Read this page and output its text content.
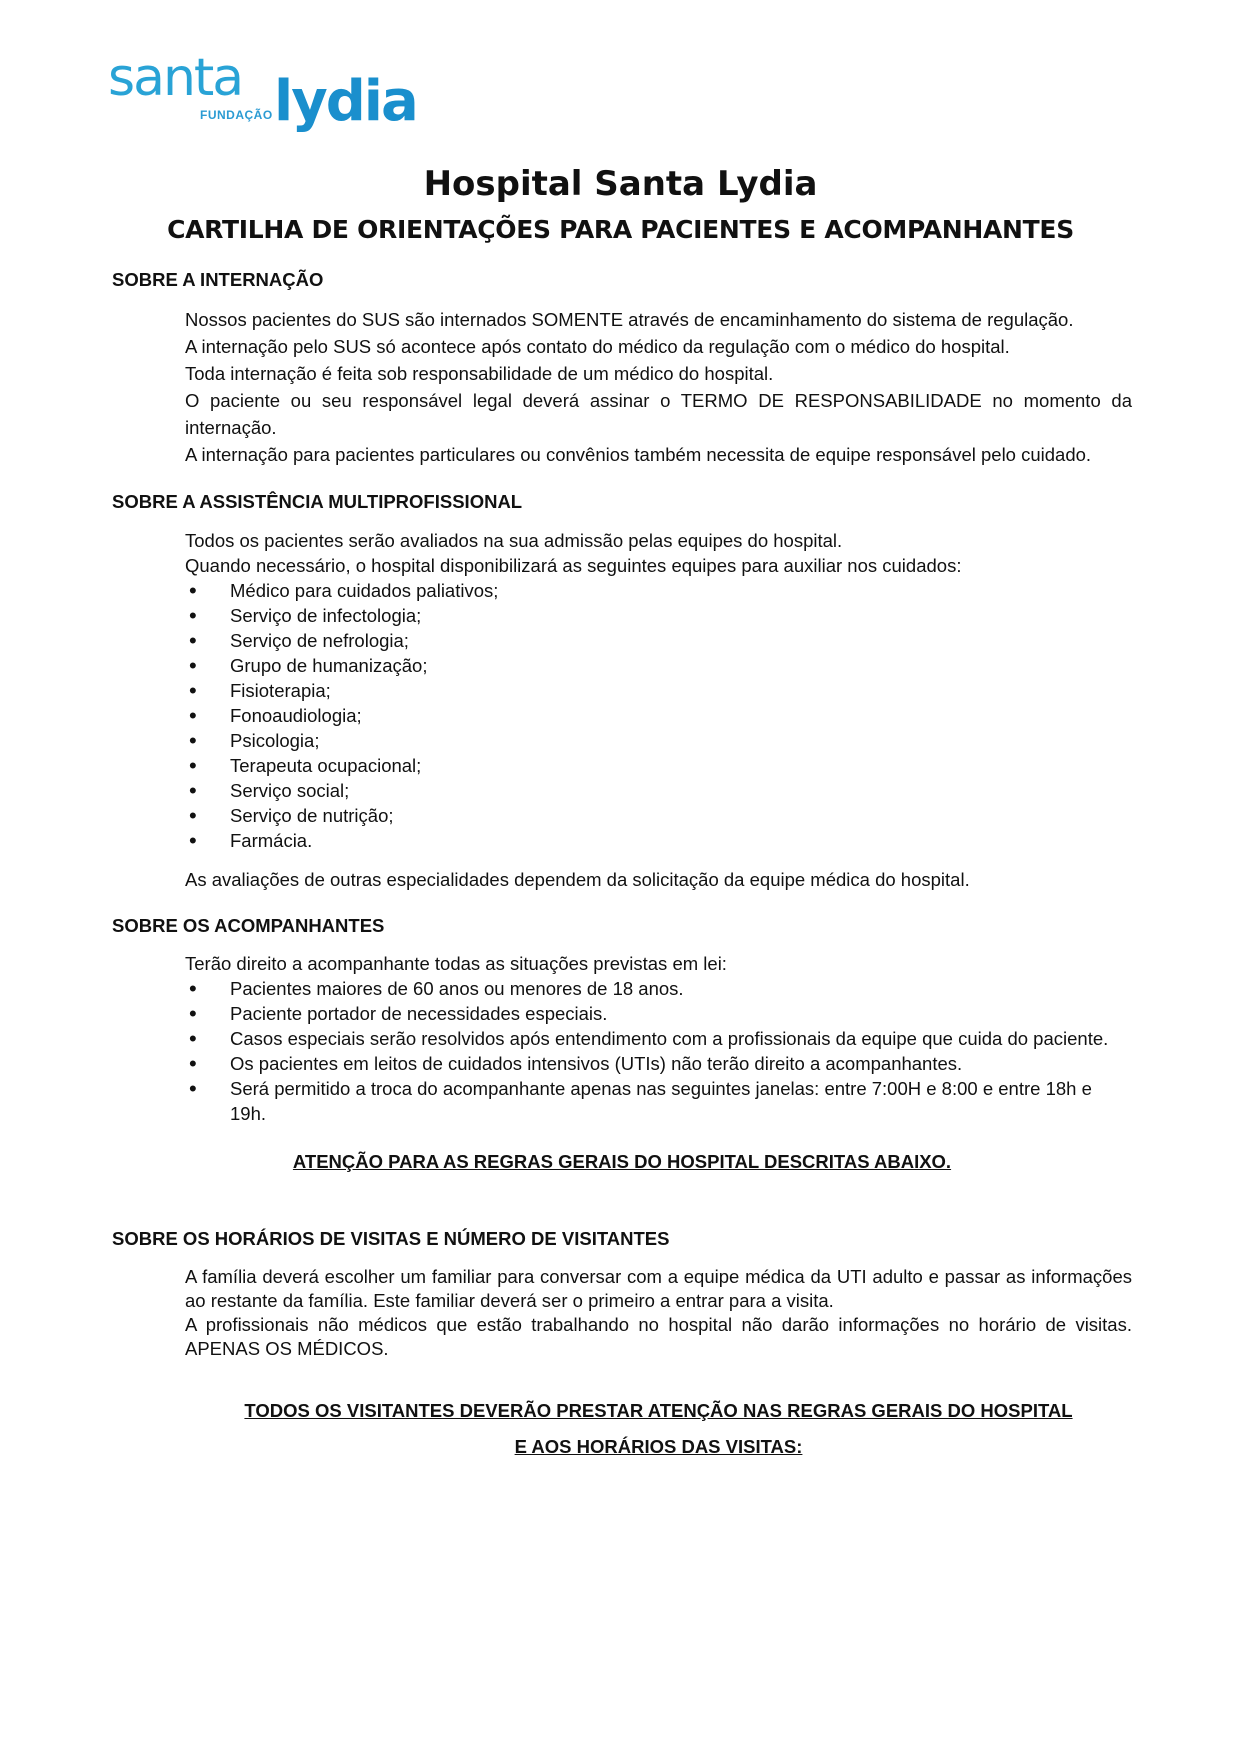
santa
FUNDAÇÃO lydia
Hospital Santa Lydia
CARTILHA DE ORIENTAÇÕES PARA PACIENTES E ACOMPANHANTES
SOBRE A INTERNAÇÃO

Nossos pacientes do SUS são internados SOMENTE através de encaminhamento do sistema de regulação.

A internação pelo SUS só acontece após contato do médico da regulação com o médico do hospital.

Toda internação é feita sob responsabilidade de um médico do hospital.

O paciente ou seu responsável legal deverá assinar o TERMO DE RESPONSABILIDADE no momento da internação.

A internação para pacientes particulares ou convênios também necessita de equipe responsável pelo cuidado.

SOBRE A ASSISTÊNCIA MULTIPROFISSIONAL

Todos os pacientes serão avaliados na sua admissão pelas equipes do hospital.

Quando necessário, o hospital disponibilizará as seguintes equipes para auxiliar nos cuidados:

• Médico para cuidados paliativos;
• Serviço de infectologia;
• Serviço de nefrologia;
• Grupo de humanização;
• Fisioterapia;
• Fonoaudiologia;
• Psicologia;
• Terapeuta ocupacional;
• Serviço social;
• Serviço de nutrição;
• Farmácia.

As avaliações de outras especialidades dependem da solicitação da equipe médica do hospital.

SOBRE OS ACOMPANHANTES

Terão direito a acompanhante todas as situações previstas em lei:

• Pacientes maiores de 60 anos ou menores de 18 anos.
• Paciente portador de necessidades especiais.
• Casos especiais serão resolvidos após entendimento com a profissionais da equipe que cuida do paciente.
• Os pacientes em leitos de cuidados intensivos (UTIs) não terão direito a acompanhantes.
• Será permitido a troca do acompanhante apenas nas seguintes janelas: entre 7:00H e 8:00 e entre 18h e 19h.
ATENÇÃO PARA AS REGRAS GERAIS DO HOSPITAL DESCRITAS ABAIXO.
SOBRE OS HORÁRIOS DE VISITAS E NÚMERO DE VISITANTES

A família deverá escolher um familiar para conversar com a equipe médica da UTI adulto e passar as informações ao restante da família. Este familiar deverá ser o primeiro a entrar para a visita.

A profissionais não médicos que estão trabalhando no hospital não darão informações no horário de visitas. APENAS OS MÉDICOS.

TODOS OS VISITANTES DEVERÃO PRESTAR ATENÇÃO NAS REGRAS GERAIS DO HOSPITAL
E AOS HORÁRIOS DAS VISITAS:
